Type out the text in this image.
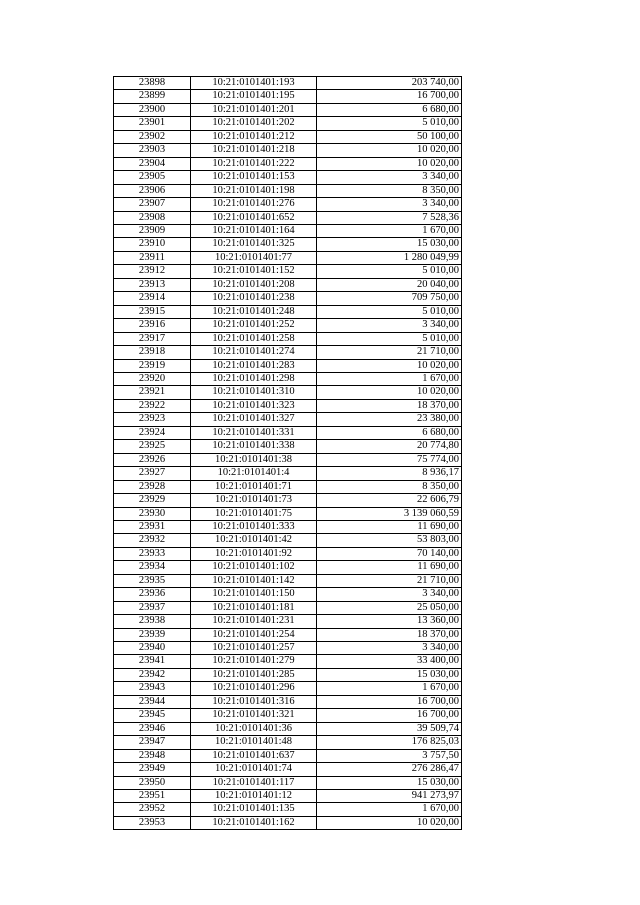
23898	10:21:0101401:193	203 740,00
23899	10:21:0101401:195	16 700,00
23900	10:21:0101401:201	6 680,00
23901	10:21:0101401:202	5 010,00
23902	10:21:0101401:212	50 100,00
23903	10:21:0101401:218	10 020,00
23904	10:21:0101401:222	10 020,00
23905	10:21:0101401:153	3 340,00
23906	10:21:0101401:198	8 350,00
23907	10:21:0101401:276	3 340,00
23908	10:21:0101401:652	7 528,36
23909	10:21:0101401:164	1 670,00
23910	10:21:0101401:325	15 030,00
23911	10:21:0101401:77	1 280 049,99
23912	10:21:0101401:152	5 010,00
23913	10:21:0101401:208	20 040,00
23914	10:21:0101401:238	709 750,00
23915	10:21:0101401:248	5 010,00
23916	10:21:0101401:252	3 340,00
23917	10:21:0101401:258	5 010,00
23918	10:21:0101401:274	21 710,00
23919	10:21:0101401:283	10 020,00
23920	10:21:0101401:298	1 670,00
23921	10:21:0101401:310	10 020,00
23922	10:21:0101401:323	18 370,00
23923	10:21:0101401:327	23 380,00
23924	10:21:0101401:331	6 680,00
23925	10:21:0101401:338	20 774,80
23926	10:21:0101401:38	75 774,00
23927	10:21:0101401:4	8 936,17
23928	10:21:0101401:71	8 350,00
23929	10:21:0101401:73	22 606,79
23930	10:21:0101401:75	3 139 060,59
23931	10:21:0101401:333	11 690,00
23932	10:21:0101401:42	53 803,00
23933	10:21:0101401:92	70 140,00
23934	10:21:0101401:102	11 690,00
23935	10:21:0101401:142	21 710,00
23936	10:21:0101401:150	3 340,00
23937	10:21:0101401:181	25 050,00
23938	10:21:0101401:231	13 360,00
23939	10:21:0101401:254	18 370,00
23940	10:21:0101401:257	3 340,00
23941	10:21:0101401:279	33 400,00
23942	10:21:0101401:285	15 030,00
23943	10:21:0101401:296	1 670,00
23944	10:21:0101401:316	16 700,00
23945	10:21:0101401:321	16 700,00
23946	10:21:0101401:36	39 509,74
23947	10:21:0101401:48	176 825,03
23948	10:21:0101401:637	3 757,50
23949	10:21:0101401:74	276 286,47
23950	10:21:0101401:117	15 030,00
23951	10:21:0101401:12	941 273,97
23952	10:21:0101401:135	1 670,00
23953	10:21:0101401:162	10 020,00
